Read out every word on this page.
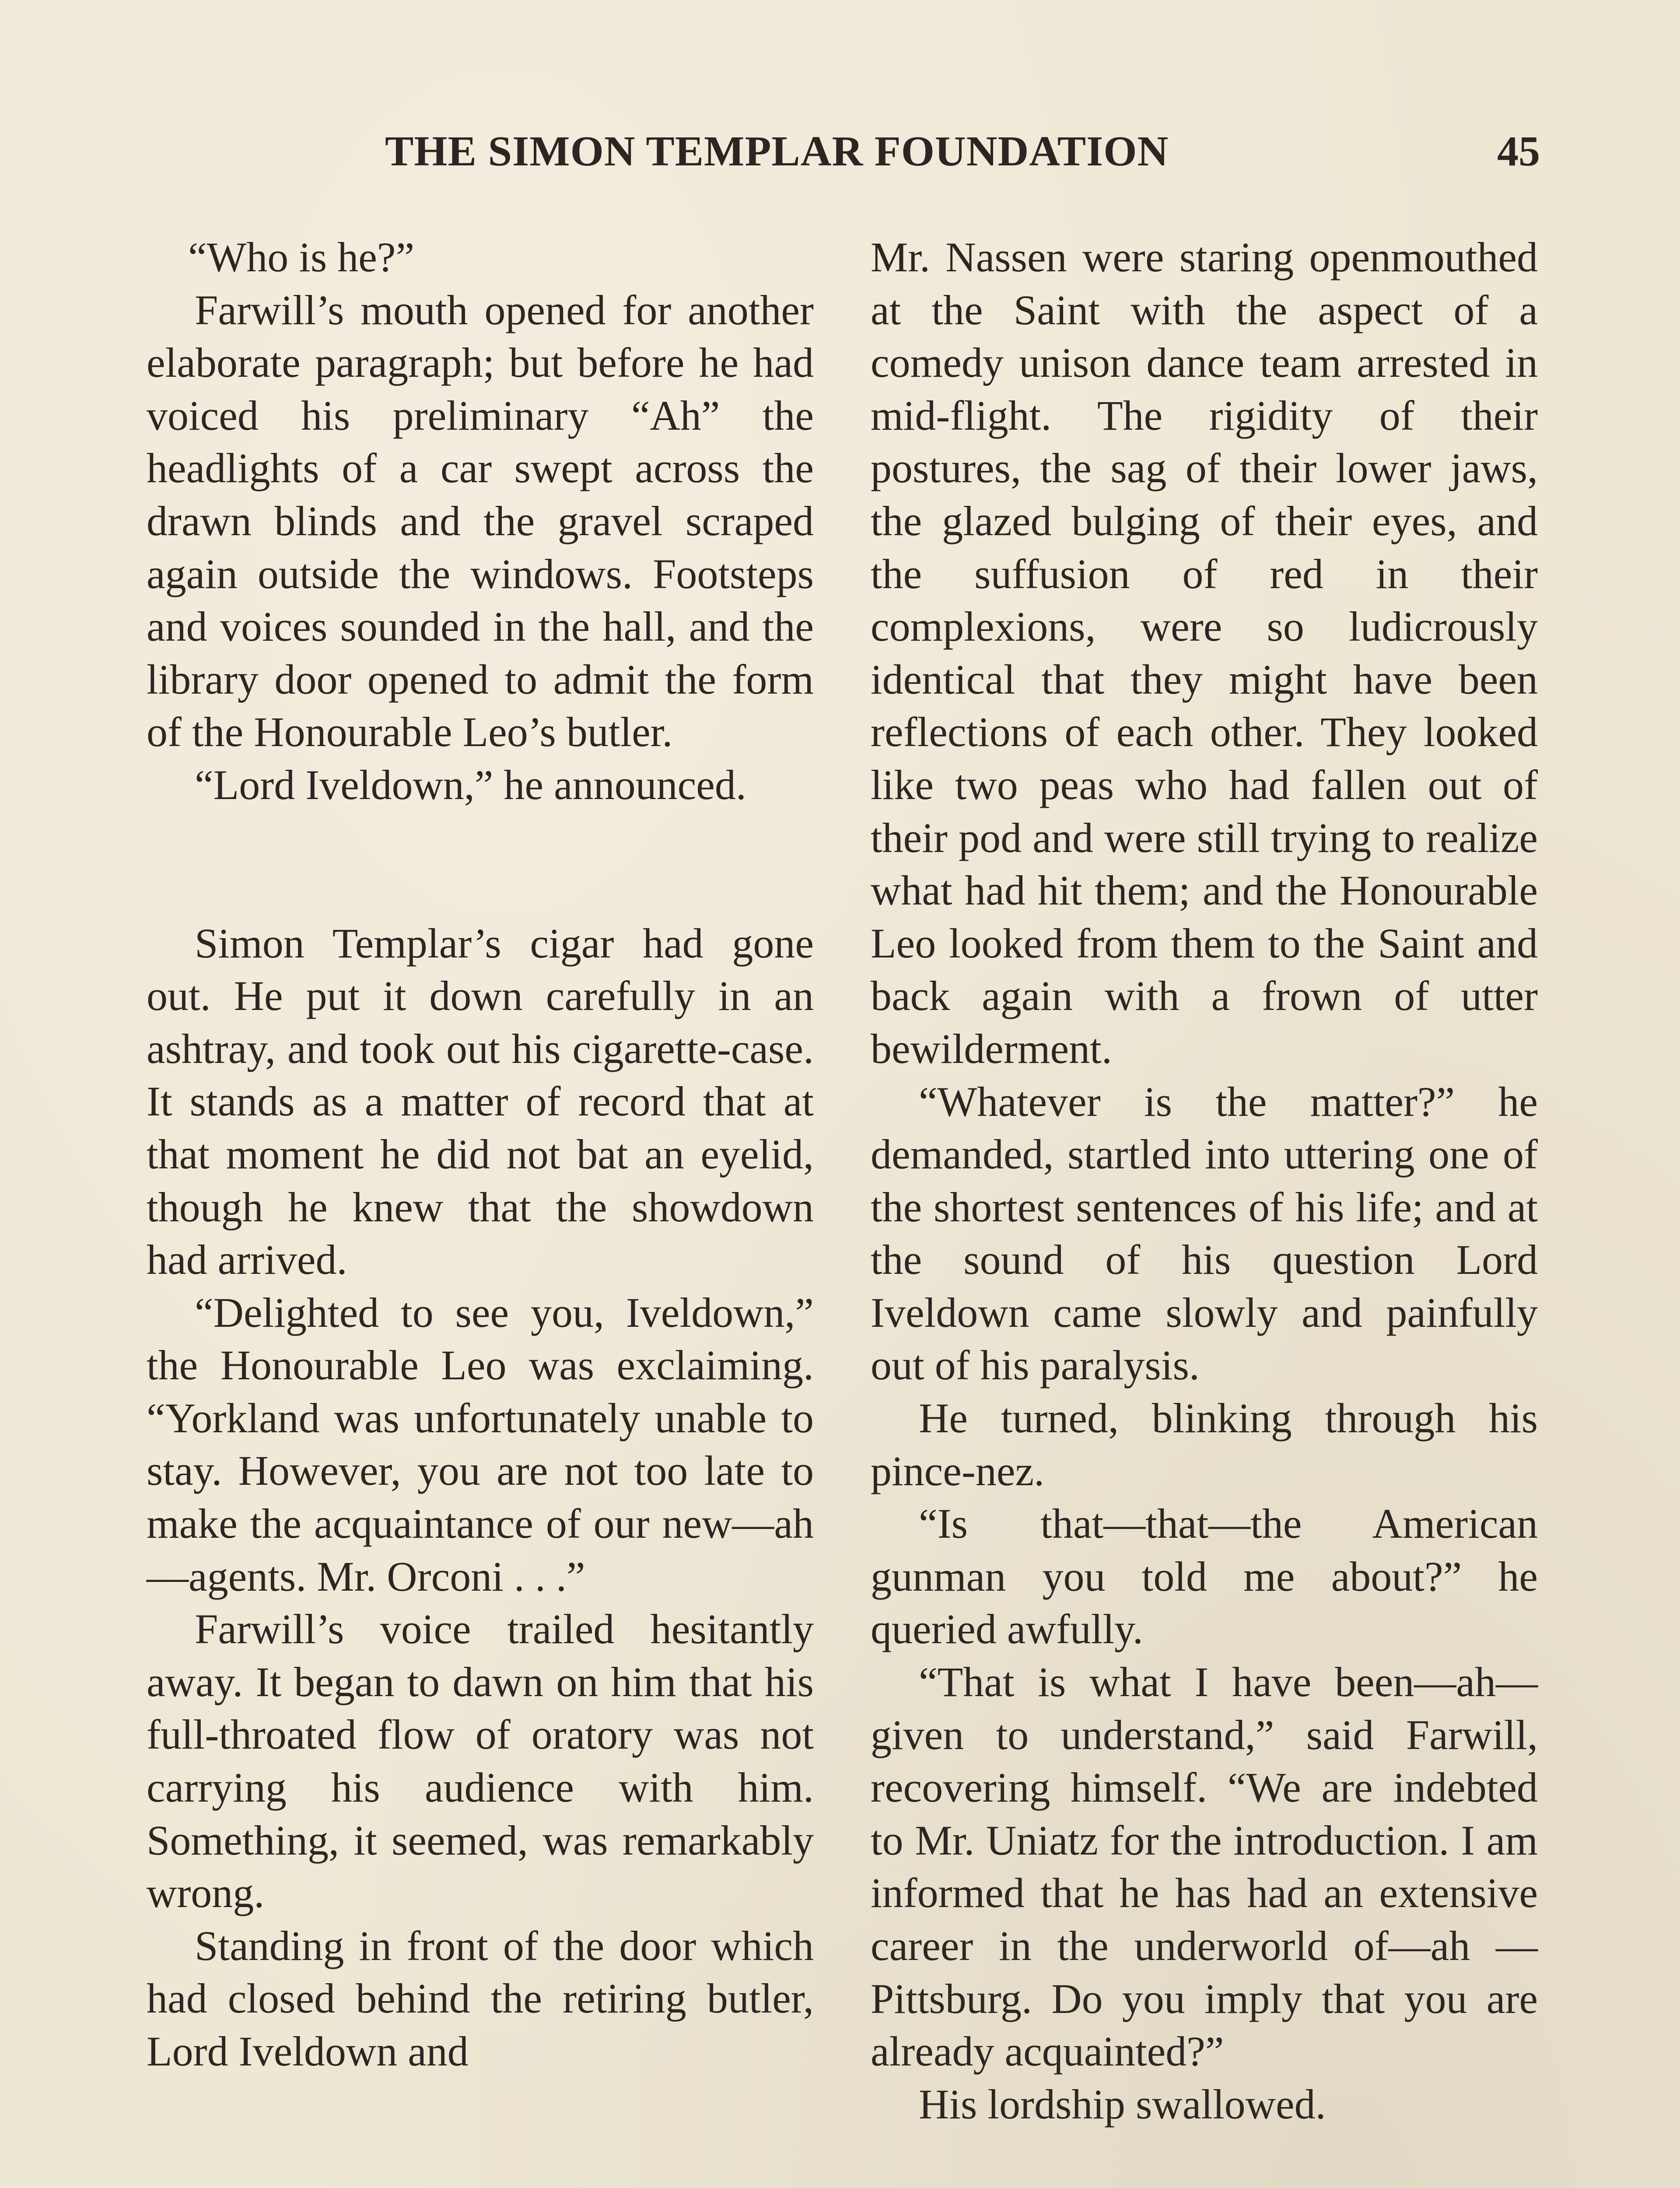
THE SIMON TEMPLAR FOUNDATION	45

“Who is he?”

Farwill’s mouth opened for another elaborate paragraph; but before he had voiced his preliminary “Ah” the headlights of a car swept across the drawn blinds and the gravel scraped again outside the windows. Footsteps and voices sounded in the hall, and the library door opened to admit the form of the Honourable Leo’s butler.

“Lord Iveldown,” he announced.

Simon Templar’s cigar had gone out. He put it down carefully in an ashtray, and took out his cigarette-case. It stands as a matter of record that at that moment he did not bat an eyelid, though he knew that the showdown had arrived.

“Delighted to see you, Iveldown,” the Honourable Leo was exclaiming. “Yorkland was unfortunately unable to stay. However, you are not too late to make the acquaintance of our new—ah —agents. Mr. Orconi . . .”

Farwill’s voice trailed hesitantly away. It began to dawn on him that his full-throated flow of oratory was not carrying his audience with him. Something, it seemed, was remarkably wrong.

Standing in front of the door which had closed behind the retiring butler, Lord Iveldown and

Mr. Nassen were staring openmouthed at the Saint with the aspect of a comedy unison dance team arrested in mid-flight. The rigidity of their postures, the sag of their lower jaws, the glazed bulging of their eyes, and the suffusion of red in their complexions, were so ludicrously identical that they might have been reflections of each other. They looked like two peas who had fallen out of their pod and were still trying to realize what had hit them; and the Honourable Leo looked from them to the Saint and back again with a frown of utter bewilderment.

“Whatever is the matter?” he demanded, startled into uttering one of the shortest sentences of his life; and at the sound of his question Lord Iveldown came slowly and painfully out of his paralysis.

He turned, blinking through his pince-nez.

“Is that—that—the American gunman you told me about?” he queried awfully.

“That is what I have been—ah—given to understand,” said Farwill, recovering himself. “We are indebted to Mr. Uniatz for the introduction. I am informed that he has had an extensive career in the underworld of—ah —Pittsburg. Do you imply that you are already acquainted?”

His lordship swallowed.
